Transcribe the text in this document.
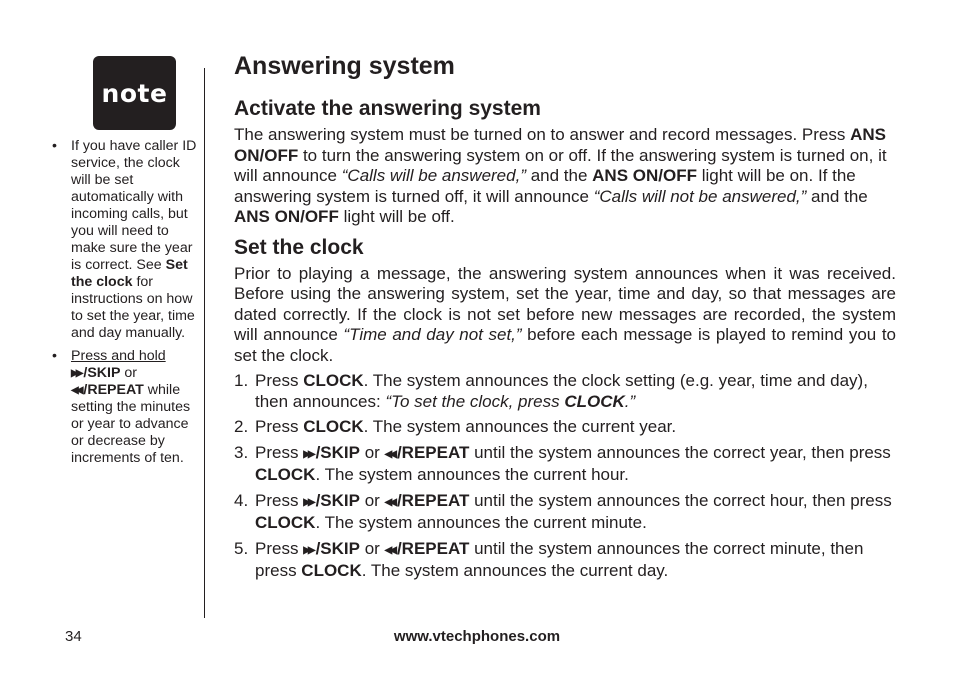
note
• If you have caller ID service, the clock will be set automatically with incoming calls, but you will need to make sure the year is correct. See Set the clock for instructions on how to set the year, time and day manually.
• Press and hold
▶▶ /SKIP or
◀◀ /REPEAT while setting the minutes or year to advance or decrease by increments of ten.
Answering system
Activate the answering system

The answering system must be turned on to answer and record messages. Press ANS ON/OFF to turn the answering system on or off. If the answering system is turned on, it will announce “Calls will be answered,” and the ANS ON/OFF light will be on. If the answering system is turned off, it will announce “Calls will not be answered,” and the ANS ON/OFF light will be off.

Set the clock

Prior to playing a message, the answering system announces when it was received. Before using the answering system, set the year, time and day, so that messages are dated correctly. If the clock is not set before new messages are recorded, the system will announce “Time and day not set,” before each message is played to remind you to set the clock.

1. Press CLOCK. The system announces the clock setting (e.g. year, time and day), then announces: “To set the clock, press CLOCK.”
2. Press CLOCK. The system announces the current year.
3. Press ▶▶ /SKIP or ◀◀ /REPEAT until the system announces the correct year, then press CLOCK. The system announces the current hour.
4. Press ▶▶ /SKIP or ◀◀ /REPEAT until the system announces the correct hour, then press CLOCK. The system announces the current minute.
5. Press ▶▶ /SKIP or ◀◀ /REPEAT until the system announces the correct minute, then press CLOCK. The system announces the current day.
34	www.vtechphones.com
